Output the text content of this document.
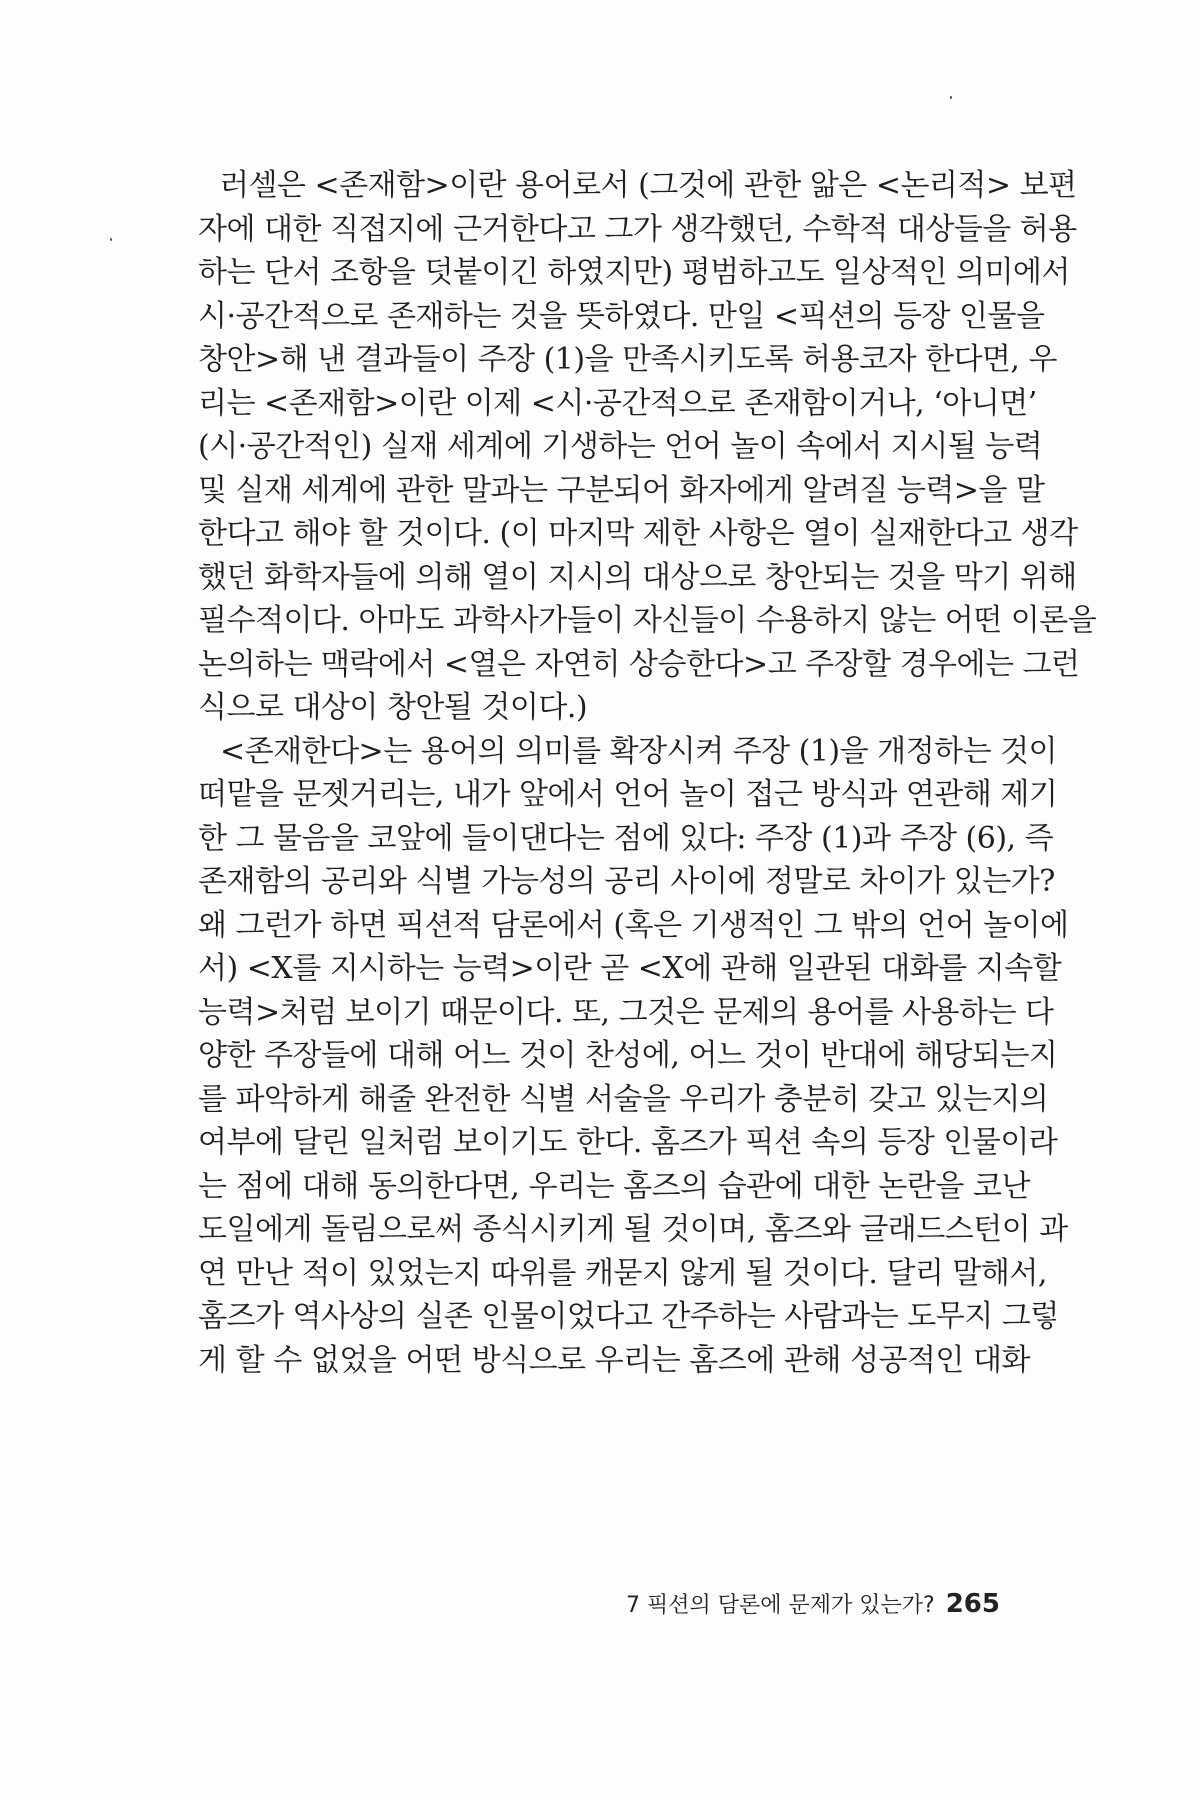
러셀은 <존재함>이란 용어로서 (그것에 관한 앎은 <논리적> 보편
자에 대한 직접지에 근거한다고 그가 생각했던, 수학적 대상들을 허용
하는 단서 조항을 덧붙이긴 하였지만) 평범하고도 일상적인 의미에서
시·공간적으로 존재하는 것을 뜻하였다. 만일 <픽션의 등장 인물을
창안>해 낸 결과들이 주장 (1)을 만족시키도록 허용코자 한다면, 우
리는 <존재함>이란 이제 <시·공간적으로 존재함이거나, ‘아니면’
(시·공간적인) 실재 세계에 기생하는 언어 놀이 속에서 지시될 능력
및 실재 세계에 관한 말과는 구분되어 화자에게 알려질 능력>을 말
한다고 해야 할 것이다. (이 마지막 제한 사항은 열이 실재한다고 생각
했던 화학자들에 의해 열이 지시의 대상으로 창안되는 것을 막기 위해
필수적이다. 아마도 과학사가들이 자신들이 수용하지 않는 어떤 이론을
논의하는 맥락에서 <열은 자연히 상승한다>고 주장할 경우에는 그런
식으로 대상이 창안될 것이다.)
<존재한다>는 용어의 의미를 확장시켜 주장 (1)을 개정하는 것이
떠맡을 문젯거리는, 내가 앞에서 언어 놀이 접근 방식과 연관해 제기
한 그 물음을 코앞에 들이댄다는 점에 있다: 주장 (1)과 주장 (6), 즉
존재함의 공리와 식별 가능성의 공리 사이에 정말로 차이가 있는가?
왜 그런가 하면 픽션적 담론에서 (혹은 기생적인 그 밖의 언어 놀이에
서) <X를 지시하는 능력>이란 곧 <X에 관해 일관된 대화를 지속할
능력>처럼 보이기 때문이다. 또, 그것은 문제의 용어를 사용하는 다
양한 주장들에 대해 어느 것이 찬성에, 어느 것이 반대에 해당되는지
를 파악하게 해줄 완전한 식별 서술을 우리가 충분히 갖고 있는지의
여부에 달린 일처럼 보이기도 한다. 홈즈가 픽션 속의 등장 인물이라
는 점에 대해 동의한다면, 우리는 홈즈의 습관에 대한 논란을 코난
도일에게 돌림으로써 종식시키게 될 것이며, 홈즈와 글래드스턴이 과
연 만난 적이 있었는지 따위를 캐묻지 않게 될 것이다. 달리 말해서,
홈즈가 역사상의 실존 인물이었다고 간주하는 사람과는 도무지 그렇
게 할 수 없었을 어떤 방식으로 우리는 홈즈에 관해 성공적인 대화
7 픽션의 담론에 문제가 있는가? 265
